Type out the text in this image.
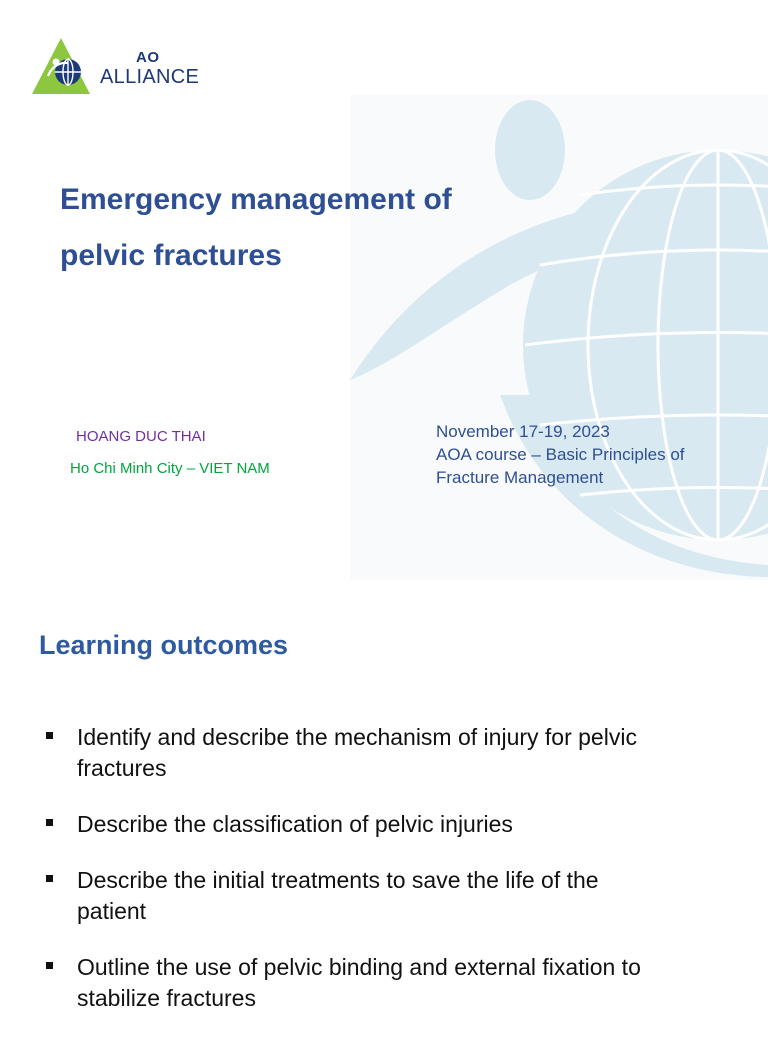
AO
ALLIANCE
Emergency management of
pelvic fractures
HOANG DUC THAI
Ho Chi Minh City – VIET NAM
November 17-19, 2023
AOA course – Basic Principles of
Fracture Management
Learning outcomes
Identify and describe the mechanism of injury for pelvic
fractures
Describe the classification of pelvic injuries
Describe the initial treatments to save the life of the
patient
Outline the use of pelvic binding and external fixation to
stabilize fractures
